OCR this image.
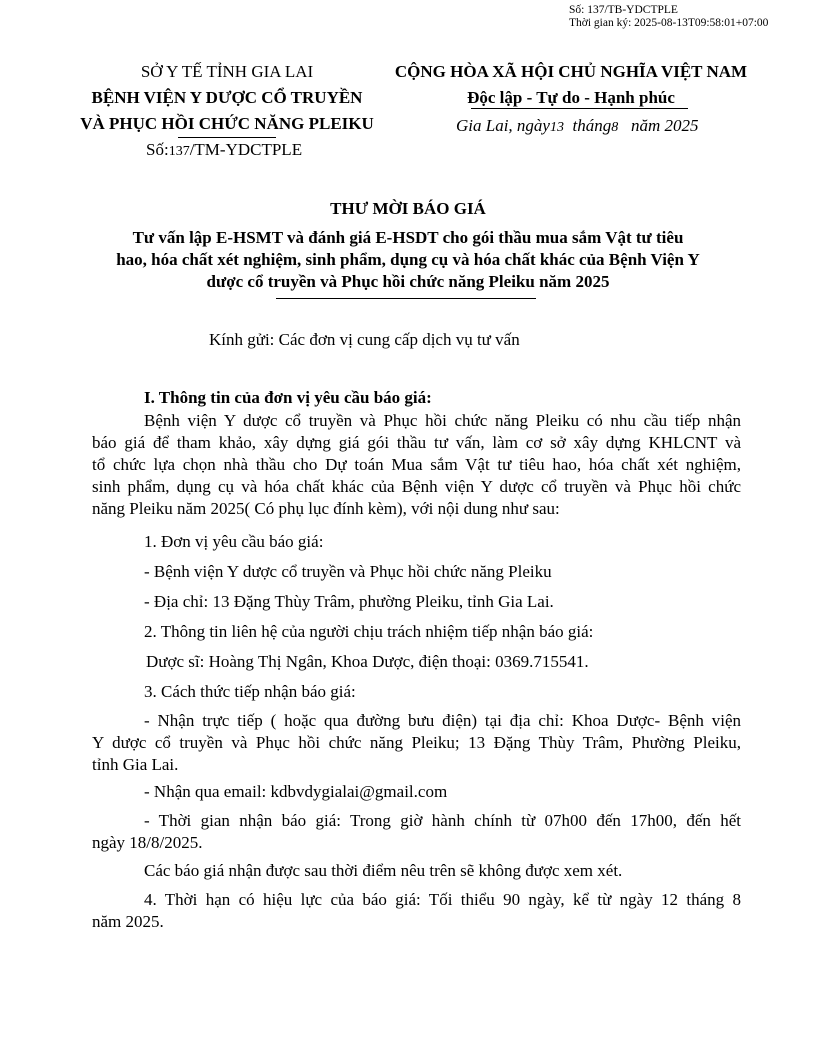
Số: 137/TB-YDCTPLE
Thời gian ký: 2025-08-13T09:58:01+07:00
SỞ Y TẾ TỈNH GIA LAI
BỆNH VIỆN Y DƯỢC CỔ TRUYỀN
VÀ PHỤC HỒI CHỨC NĂNG PLEIKU
Số:137/TM-YDCTPLE
CỘNG HÒA XÃ HỘI CHỦ NGHĨA VIỆT NAM
Độc lập - Tự do - Hạnh phúc
Gia Lai, ngày13 tháng8 năm 2025
THƯ MỜI BÁO GIÁ
Tư vấn lập E-HSMT và đánh giá E-HSDT cho gói thầu mua sắm Vật tư tiêu
hao, hóa chất xét nghiệm, sinh phẩm, dụng cụ và hóa chất khác của Bệnh Viện Y
dược cổ truyền và Phục hồi chức năng Pleiku năm 2025
Kính gửi: Các đơn vị cung cấp dịch vụ tư vấn
I. Thông tin của đơn vị yêu cầu báo giá:
Bệnh viện Y dược cổ truyền và Phục hồi chức năng Pleiku có nhu cầu tiếp nhận
báo giá để tham khảo, xây dựng giá gói thầu tư vấn, làm cơ sở xây dựng KHLCNT và
tổ chức lựa chọn nhà thầu cho Dự toán Mua sắm Vật tư tiêu hao, hóa chất xét nghiệm,
sinh phẩm, dụng cụ và hóa chất khác của Bệnh viện Y dược cổ truyền và Phục hồi chức
năng Pleiku năm 2025( Có phụ lục đính kèm), với nội dung như sau:
1. Đơn vị yêu cầu báo giá:
- Bệnh viện Y dược cổ truyền và Phục hồi chức năng Pleiku
- Địa chỉ: 13 Đặng Thùy Trâm, phường Pleiku, tỉnh Gia Lai.
2. Thông tin liên hệ của người chịu trách nhiệm tiếp nhận báo giá:
Dược sĩ: Hoàng Thị Ngân, Khoa Dược, điện thoại: 0369.715541.
3. Cách thức tiếp nhận báo giá:
- Nhận trực tiếp ( hoặc qua đường bưu điện) tại địa chỉ: Khoa Dược- Bệnh viện
Y dược cổ truyền và Phục hồi chức năng Pleiku; 13 Đặng Thùy Trâm, Phường Pleiku,
tỉnh Gia Lai.
- Nhận qua email: kdbvdygialai@gmail.com
- Thời gian nhận báo giá: Trong giờ hành chính từ 07h00 đến 17h00, đến hết
ngày 18/8/2025.
Các báo giá nhận được sau thời điểm nêu trên sẽ không được xem xét.
4. Thời hạn có hiệu lực của báo giá: Tối thiểu 90 ngày, kể từ ngày 12 tháng 8
năm 2025.
